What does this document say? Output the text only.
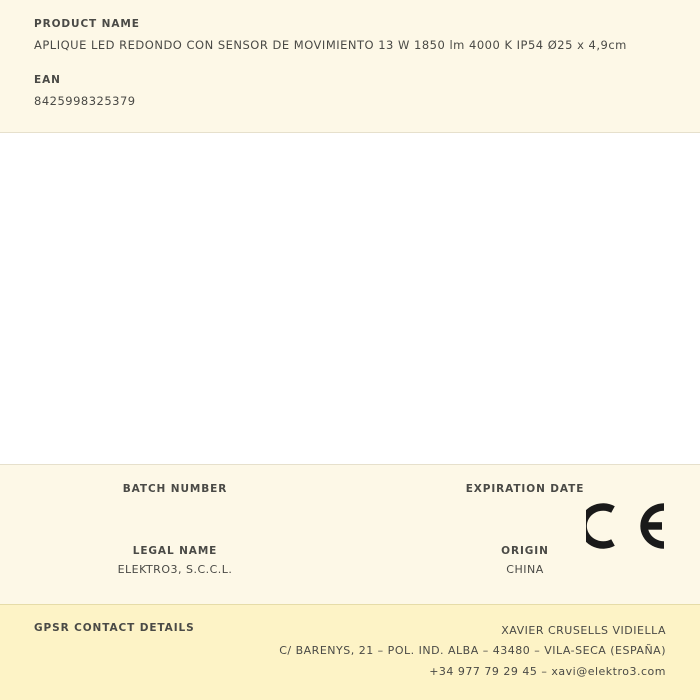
PRODUCT NAME

APLIQUE LED REDONDO CON SENSOR DE MOVIMIENTO 13 W 1850 lm 4000 K IP54 Ø25 x 4,9cm

EAN

8425998325379

BATCH NUMBER	EXPIRATION DATE

LEGAL NAME

ELEKTRO3, S.C.C.L.

ORIGIN

CHINA

GPSR CONTACT DETAILS	XAVIER CRUSELLS VIDIELLA
C/ BARENYS, 21 – POL. IND. ALBA – 43480 – VILA-SECA (ESPAÑA)
+34 977 79 29 45 – xavi@elektro3.com
